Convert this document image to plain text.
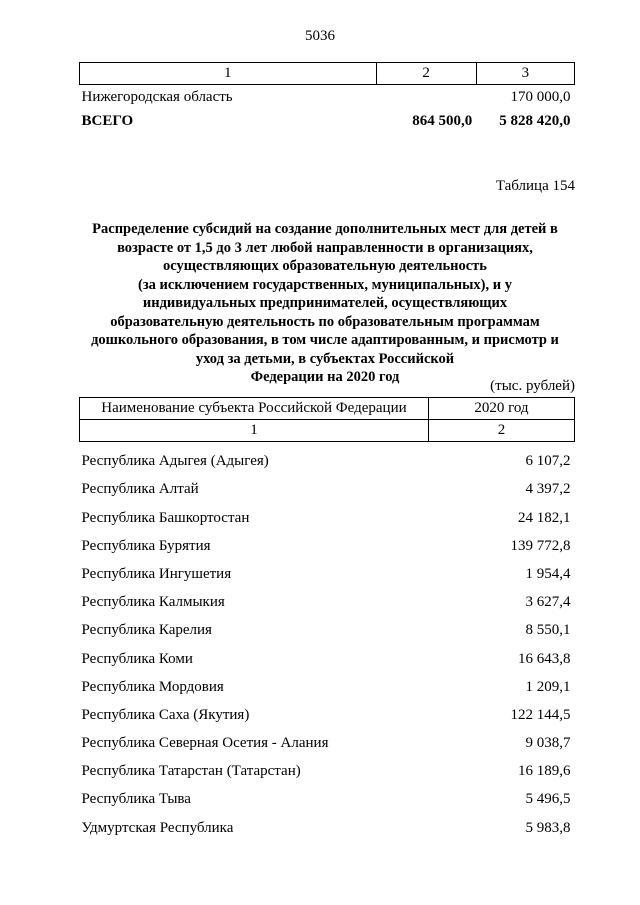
5036
1	2	3
Нижегородская область		170 000,0
ВСЕГО	864 500,0	5 828 420,0
Таблица 154
Распределение субсидий на создание дополнительных мест для детей в
возрасте от 1,5 до 3 лет любой направленности в организациях,
осуществляющих образовательную деятельность
(за исключением государственных, муниципальных), и у
индивидуальных предпринимателей, осуществляющих
образовательную деятельность по образовательным программам
дошкольного образования, в том числе адаптированным, и присмотр и
уход за детьми, в субъектах Российской
Федерации на 2020 год
(тыс. рублей)
Наименование субъекта Российской Федерации	2020 год
1	2
Республика Адыгея (Адыгея)	6 107,2
Республика Алтай	4 397,2
Республика Башкортостан	24 182,1
Республика Бурятия	139 772,8
Республика Ингушетия	1 954,4
Республика Калмыкия	3 627,4
Республика Карелия	8 550,1
Республика Коми	16 643,8
Республика Мордовия	1 209,1
Республика Саха (Якутия)	122 144,5
Республика Северная Осетия - Алания	9 038,7
Республика Татарстан (Татарстан)	16 189,6
Республика Тыва	5 496,5
Удмуртская Республика	5 983,8
